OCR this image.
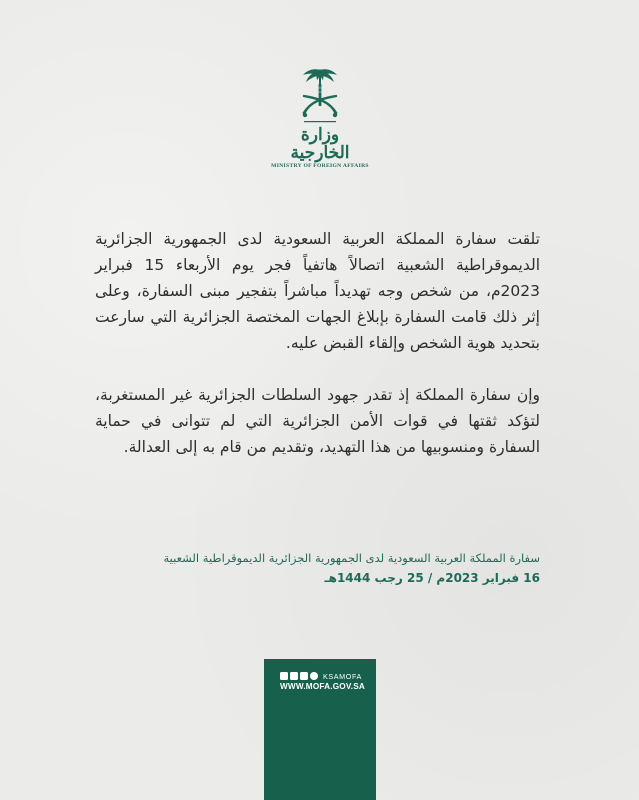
وزارة الخارجية
MINISTRY OF FOREIGN AFFAIRS

تلقت سفارة المملكة العربية السعودية لدى الجمهورية الجزائرية الديموقراطية الشعبية اتصالاً هاتفياً فجر يوم الأربعاء 15 فبراير 2023م، من شخص وجه تهديداً مباشراً بتفجير مبنى السفارة، وعلى إثر ذلك قامت السفارة بإبلاغ الجهات المختصة الجزائرية التي سارعت بتحديد هوية الشخص وإلقاء القبض عليه.

وإن سفارة المملكة إذ تقدر جهود السلطات الجزائرية غير المستغربة، لتؤكد ثقتها في قوات الأمن الجزائرية التي لم تتوانى في حماية السفارة ومنسوبيها من هذا التهديد، وتقديم من قام به إلى العدالة.

سفارة المملكة العربية السعودية لدى الجمهورية الجزائرية الديموقراطية الشعبية
16 فبراير 2023م / 25 رجب 1444هـ
KSAMOFA
WWW.MOFA.GOV.SA
